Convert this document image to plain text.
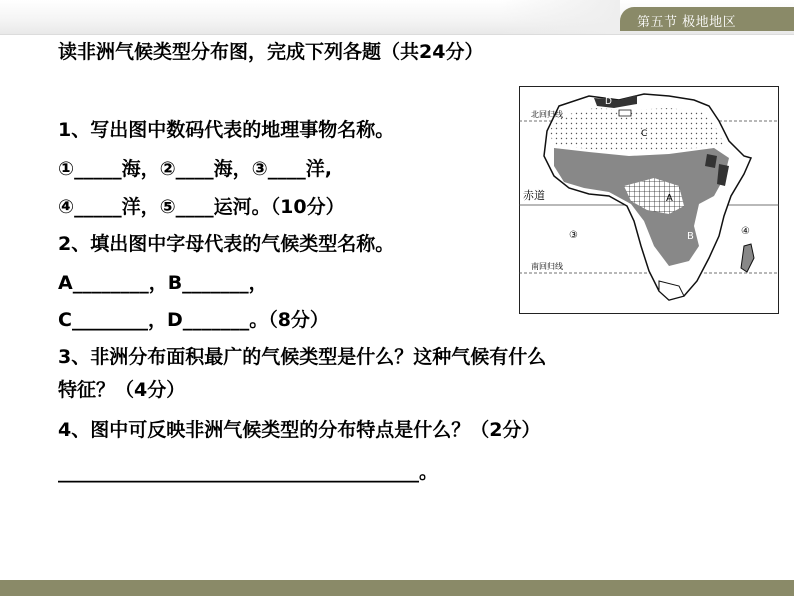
第五节 极地地区
读非洲气候类型分布图，完成下列各题（共24分）
1、写出图中数码代表的地理事物名称。
①_____海，②____海，③____洋,
④_____洋，⑤____运河。（10分）
2、填出图中字母代表的气候类型名称。
A________，B_______，
C________，D_______。（8分）
3、非洲分布面积最广的气候类型是什么？这种气候有什么
特征？（4分）
4、图中可反映非洲气候类型的分布特点是什么？（2分）
______________________________________。
北回归线
赤道
南回归线
D
C
A
B
③	④
